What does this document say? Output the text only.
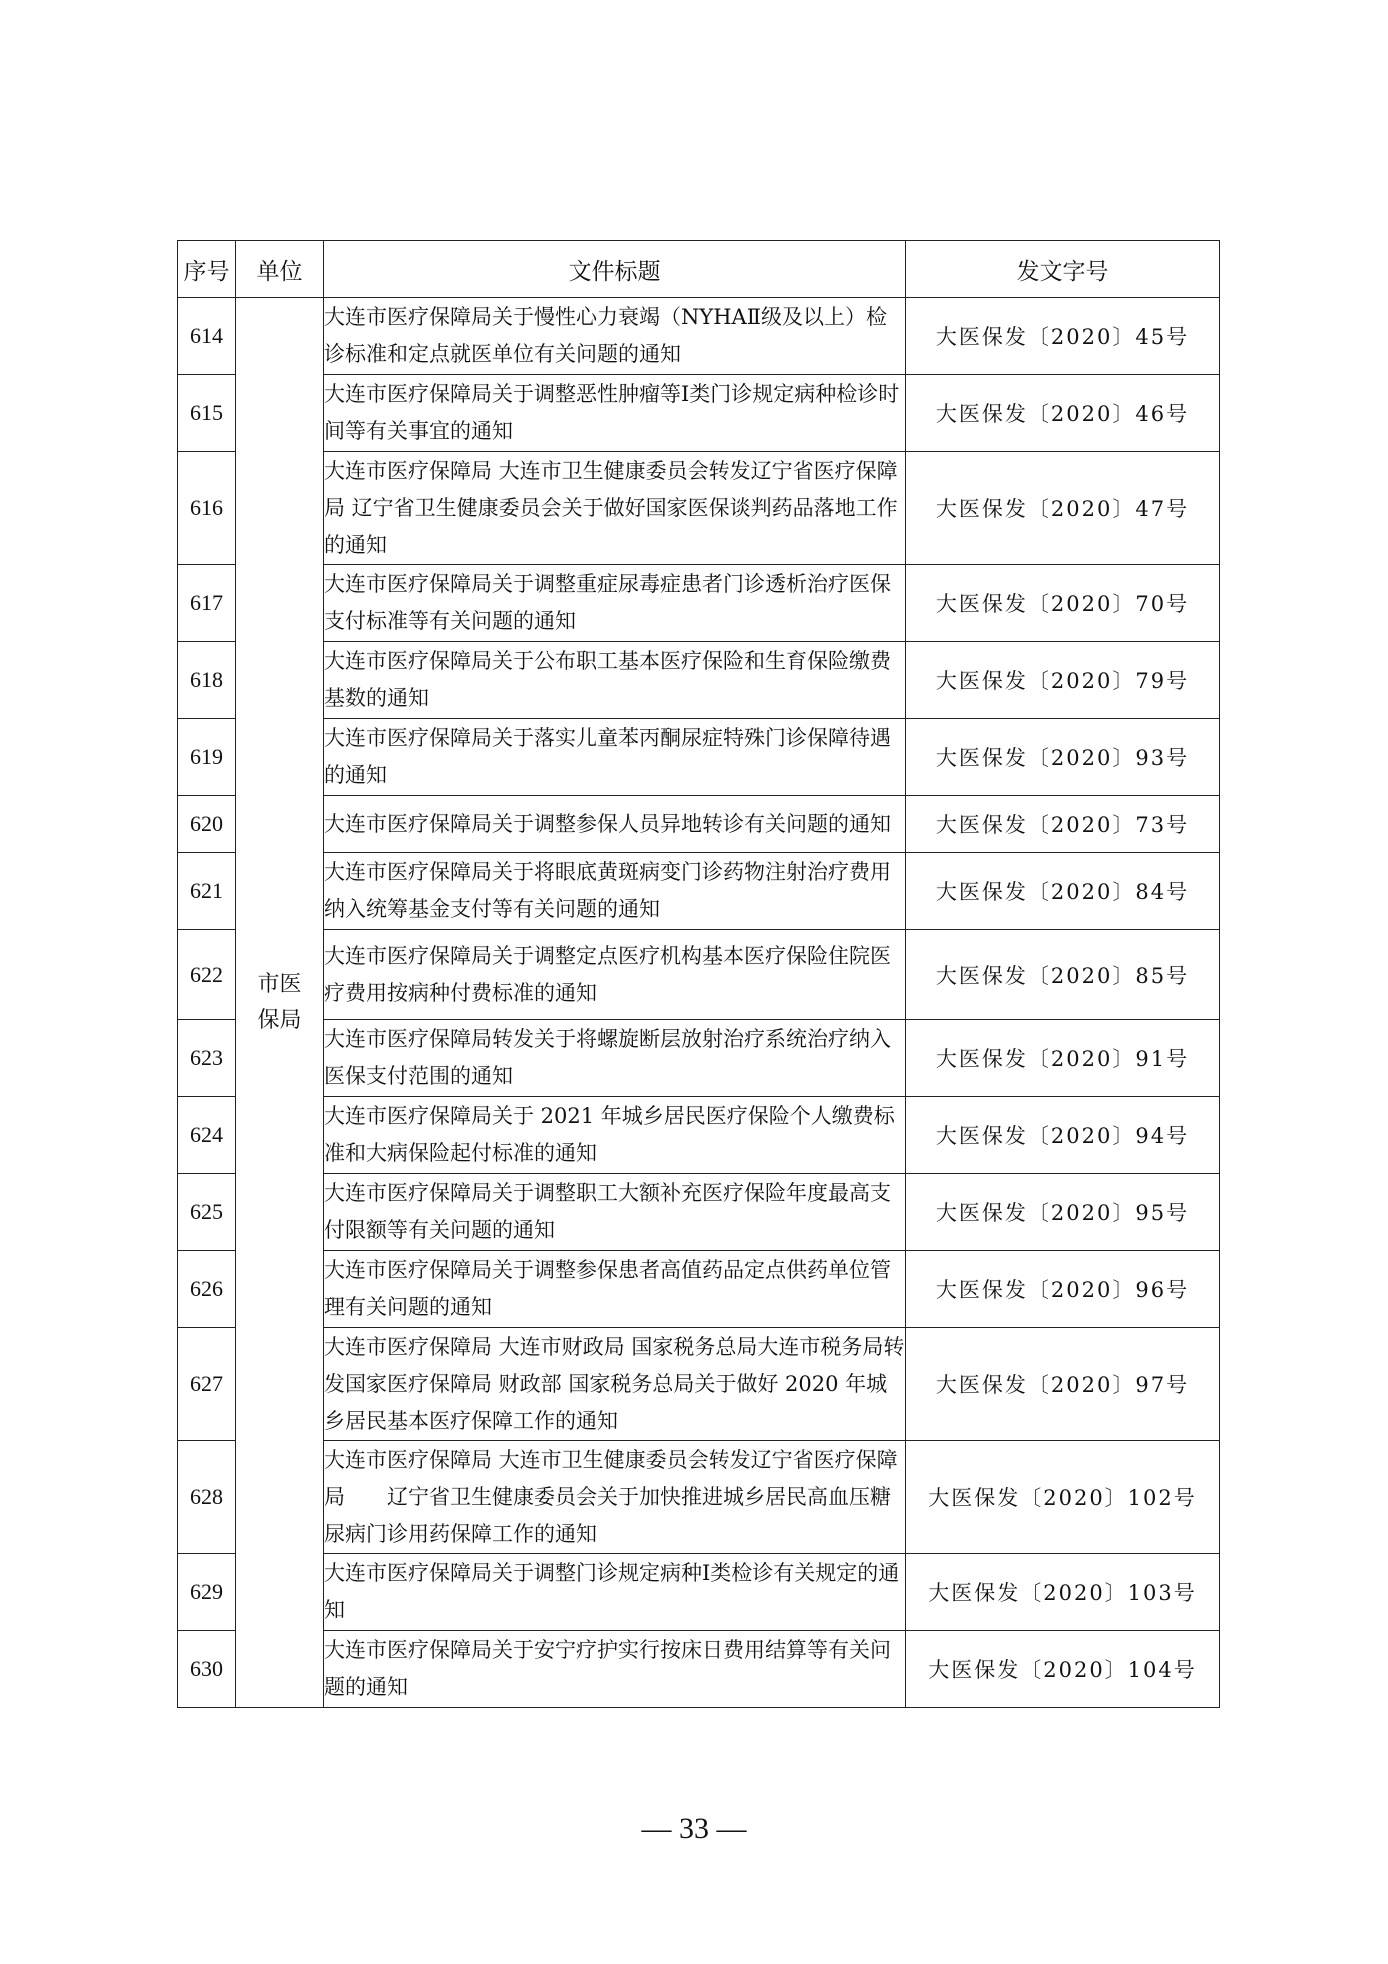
序号	单位	文件标题	发文字号
614	市医保局	大连市医疗保障局关于慢性心力衰竭（NYHAⅡ级及以上）检诊标准和定点就医单位有关问题的通知	大医保发〔2020〕45号
615		大连市医疗保障局关于调整恶性肿瘤等Ⅰ类门诊规定病种检诊时间等有关事宜的通知	大医保发〔2020〕46号
616		大连市医疗保障局 大连市卫生健康委员会转发辽宁省医疗保障局 辽宁省卫生健康委员会关于做好国家医保谈判药品落地工作的通知	大医保发〔2020〕47号
617		大连市医疗保障局关于调整重症尿毒症患者门诊透析治疗医保支付标准等有关问题的通知	大医保发〔2020〕70号
618		大连市医疗保障局关于公布职工基本医疗保险和生育保险缴费基数的通知	大医保发〔2020〕79号
619		大连市医疗保障局关于落实儿童苯丙酮尿症特殊门诊保障待遇的通知	大医保发〔2020〕93号
620		大连市医疗保障局关于调整参保人员异地转诊有关问题的通知	大医保发〔2020〕73号
621		大连市医疗保障局关于将眼底黄斑病变门诊药物注射治疗费用纳入统筹基金支付等有关问题的通知	大医保发〔2020〕84号
622		大连市医疗保障局关于调整定点医疗机构基本医疗保险住院医疗费用按病种付费标准的通知	大医保发〔2020〕85号
623		大连市医疗保障局转发关于将螺旋断层放射治疗系统治疗纳入医保支付范围的通知	大医保发〔2020〕91号
624		大连市医疗保障局关于 2021 年城乡居民医疗保险个人缴费标准和大病保险起付标准的通知	大医保发〔2020〕94号
625		大连市医疗保障局关于调整职工大额补充医疗保险年度最高支付限额等有关问题的通知	大医保发〔2020〕95号
626		大连市医疗保障局关于调整参保患者高值药品定点供药单位管理有关问题的通知	大医保发〔2020〕96号
627		大连市医疗保障局 大连市财政局 国家税务总局大连市税务局转发国家医疗保障局 财政部 国家税务总局关于做好 2020 年城乡居民基本医疗保障工作的通知	大医保发〔2020〕97号
628		大连市医疗保障局 大连市卫生健康委员会转发辽宁省医疗保障局　　辽宁省卫生健康委员会关于加快推进城乡居民高血压糖尿病门诊用药保障工作的通知	大医保发〔2020〕102号
629		大连市医疗保障局关于调整门诊规定病种Ⅰ类检诊有关规定的通知	大医保发〔2020〕103号
630		大连市医疗保障局关于安宁疗护实行按床日费用结算等有关问题的通知	大医保发〔2020〕104号
— 33 —
